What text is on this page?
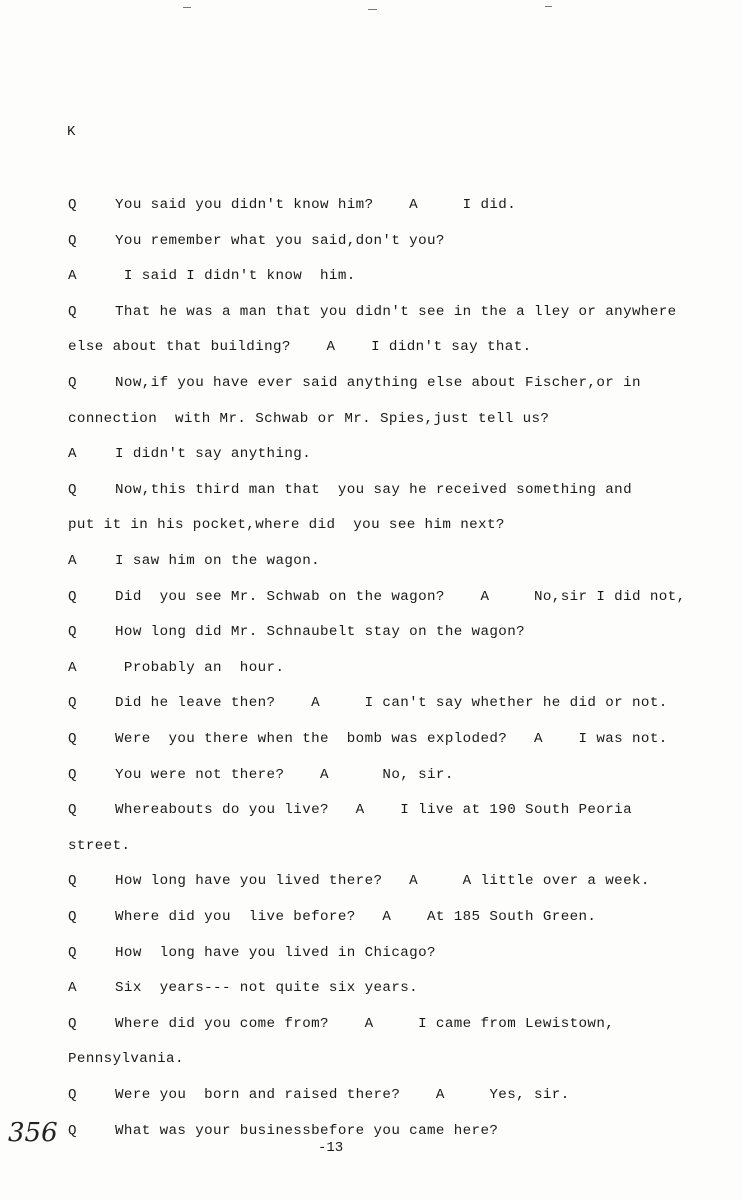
K
Q	You said you didn't know him?    A     I did.
Q	You remember what you said,don't you?
A	I said I didn't know  him.
Q	That he was a man that you didn't see in the a lley or anywhere
else about that building?    A    I didn't say that.
Q	Now,if you have ever said anything else about Fischer,or in
connection  with Mr. Schwab or Mr. Spies,just tell us?
A	I didn't say anything.
Q	Now,this third man that  you say he received something and
put it in his pocket,where did  you see him next?
A	I saw him on the wagon.
Q	Did  you see Mr. Schwab on the wagon?    A     No,sir I did not,
Q	How long did Mr. Schnaubelt stay on the wagon?
A	Probably an  hour.
Q	Did he leave then?    A     I can't say whether he did or not.
Q	Were  you there when the  bomb was exploded?   A    I was not.
Q	You were not there?    A      No, sir.
Q	Whereabouts do you live?   A    I live at 190 South Peoria
street.
Q	How long have you lived there?   A     A little over a week.
Q	Where did you  live before?   A    At 185 South Green.
Q	How  long have you lived in Chicago?
A	Six  years--- not quite six years.
Q	Where did you come from?    A     I came from Lewistown,
Pennsylvania.
Q	Were you  born and raised there?    A     Yes, sir.
Q	What was your businessbefore you came here?
356	-13
